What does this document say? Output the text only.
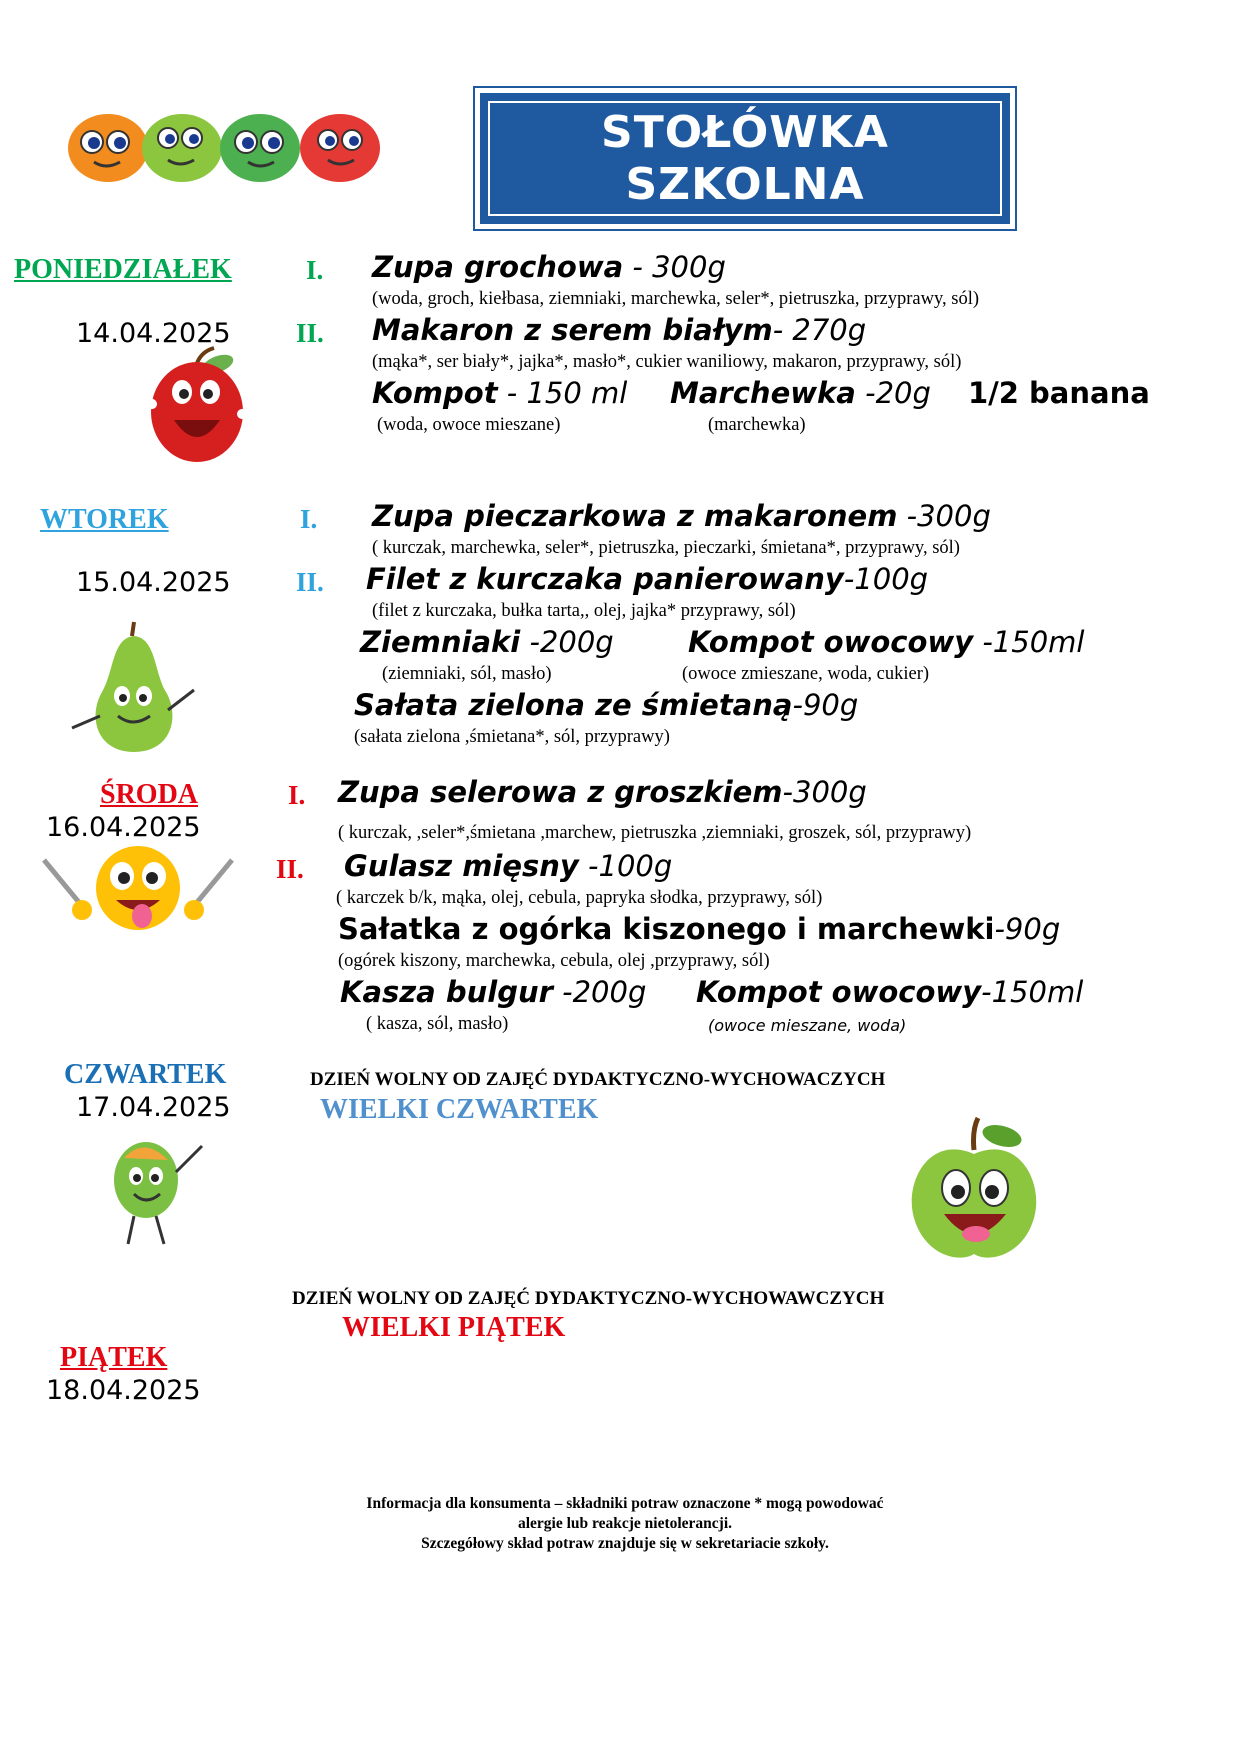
STOŁÓWKA
SZKOLNA
PONIEDZIAŁEK
14.04.2025
I.
II.
Zupa grochowa - 300g
(woda, groch, kiełbasa, ziemniaki, marchewka, seler*, pietruszka, przyprawy, sól)
Makaron z serem białym- 270g
(mąka*, ser biały*, jajka*, masło*, cukier waniliowy, makaron, przyprawy, sól)
Kompot - 150 ml Marchewka -20g 1/2 banana
(woda, owoce mieszane)	(marchewka)
WTOREK
15.04.2025
I.
II.
Zupa pieczarkowa z makaronem -300g
( kurczak, marchewka, seler*, pietruszka, pieczarki, śmietana*, przyprawy, sól)
Filet z kurczaka panierowany-100g
(filet z kurczaka, bułka tarta,, olej, jajka* przyprawy, sól)
Ziemniaki -200g	Kompot owocowy -150ml
(ziemniaki, sól, masło)	(owoce zmieszane, woda, cukier)
Sałata zielona ze śmietaną-90g
(sałata zielona ,śmietana*, sól, przyprawy)
ŚRODA
16.04.2025
I.
II.
Zupa selerowa z groszkiem-300g
( kurczak, ,seler*,śmietana ,marchew, pietruszka ,ziemniaki, groszek, sól, przyprawy)
Gulasz mięsny -100g
( karczek b/k, mąka, olej, cebula, papryka słodka, przyprawy, sól)
Sałatka z ogórka kiszonego i marchewki-90g
(ogórek kiszony, marchewka, cebula, olej ,przyprawy, sól)
Kasza bulgur -200g Kompot owocowy-150ml
( kasza, sól, masło)	(owoce mieszane, woda)
CZWARTEK
17.04.2025
DZIEŃ WOLNY OD ZAJĘĆ DYDAKTYCZNO-WYCHOWACZYCH
WIELKI CZWARTEK
DZIEŃ WOLNY OD ZAJĘĆ DYDAKTYCZNO-WYCHOWAWCZYCH
WIELKI PIĄTEK
PIĄTEK
18.04.2025
Informacja dla konsumenta – składniki potraw oznaczone * mogą powodować
alergie lub reakcje nietolerancji.
Szczegółowy skład potraw znajduje się w sekretariacie szkoły.
